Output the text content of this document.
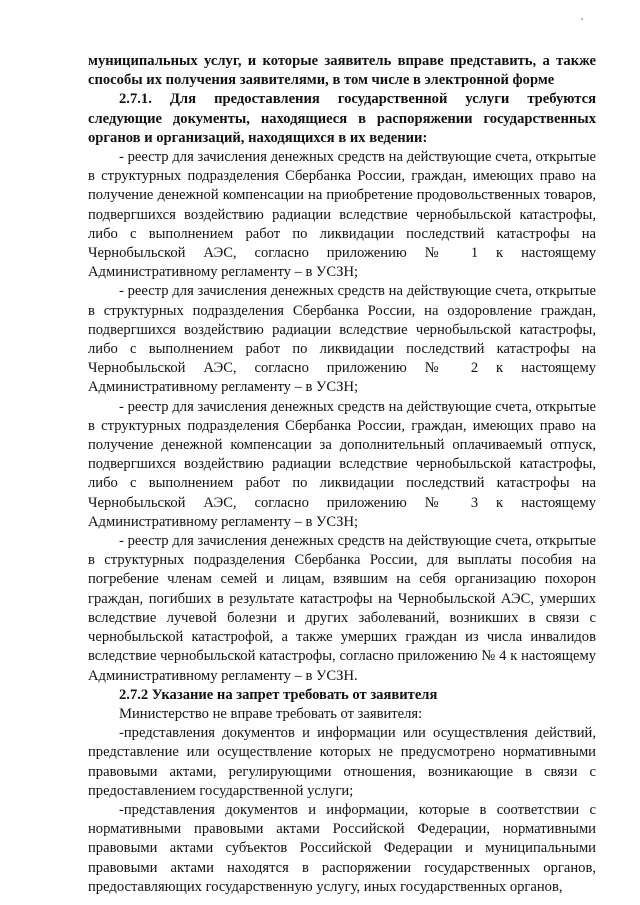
муниципальных услуг, и которые заявитель вправе представить, а также способы их получения заявителями, в том числе в электронной форме

2.7.1. Для предоставления государственной услуги требуются следующие документы, находящиеся в распоряжении государственных органов и организаций, находящихся в их ведении:

- реестр для зачисления денежных средств на действующие счета, открытые в структурных подразделения Сбербанка России, граждан, имеющих право на получение денежной компенсации на приобретение продовольственных товаров, подвергшихся воздействию радиации вследствие чернобыльской катастрофы, либо с выполнением работ по ликвидации последствий катастрофы на Чернобыльской АЭС, согласно приложению № 1 к настоящему Административному регламенту – в УСЗН;

- реестр для зачисления денежных средств на действующие счета, открытые в структурных подразделения Сбербанка России, на оздоровление граждан, подвергшихся воздействию радиации вследствие чернобыльской катастрофы, либо с выполнением работ по ликвидации последствий катастрофы на Чернобыльской АЭС, согласно приложению № 2 к настоящему Административному регламенту – в УСЗН;

- реестр для зачисления денежных средств на действующие счета, открытые в структурных подразделения Сбербанка России, граждан, имеющих право на получение денежной компенсации за дополнительный оплачиваемый отпуск, подвергшихся воздействию радиации вследствие чернобыльской катастрофы, либо с выполнением работ по ликвидации последствий катастрофы на Чернобыльской АЭС, согласно приложению № 3 к настоящему Административному регламенту – в УСЗН;

- реестр для зачисления денежных средств на действующие счета, открытые в структурных подразделения Сбербанка России, для выплаты пособия на погребение членам семей и лицам, взявшим на себя организацию похорон граждан, погибших в результате катастрофы на Чернобыльской АЭС, умерших вследствие лучевой болезни и других заболеваний, возникших в связи с чернобыльской катастрофой, а также умерших граждан из числа инвалидов вследствие чернобыльской катастрофы, согласно приложению № 4 к настоящему Административному регламенту – в УСЗН.

2.7.2 Указание на запрет требовать от заявителя

Министерство не вправе требовать от заявителя:

-представления документов и информации или осуществления действий, представление или осуществление которых не предусмотрено нормативными правовыми актами, регулирующими отношения, возникающие в связи с предоставлением государственной услуги;

-представления документов и информации, которые в соответствии с нормативными правовыми актами Российской Федерации, нормативными правовыми актами субъектов Российской Федерации и муниципальными правовыми актами находятся в распоряжении государственных органов, предоставляющих государственную услугу, иных государственных органов,
